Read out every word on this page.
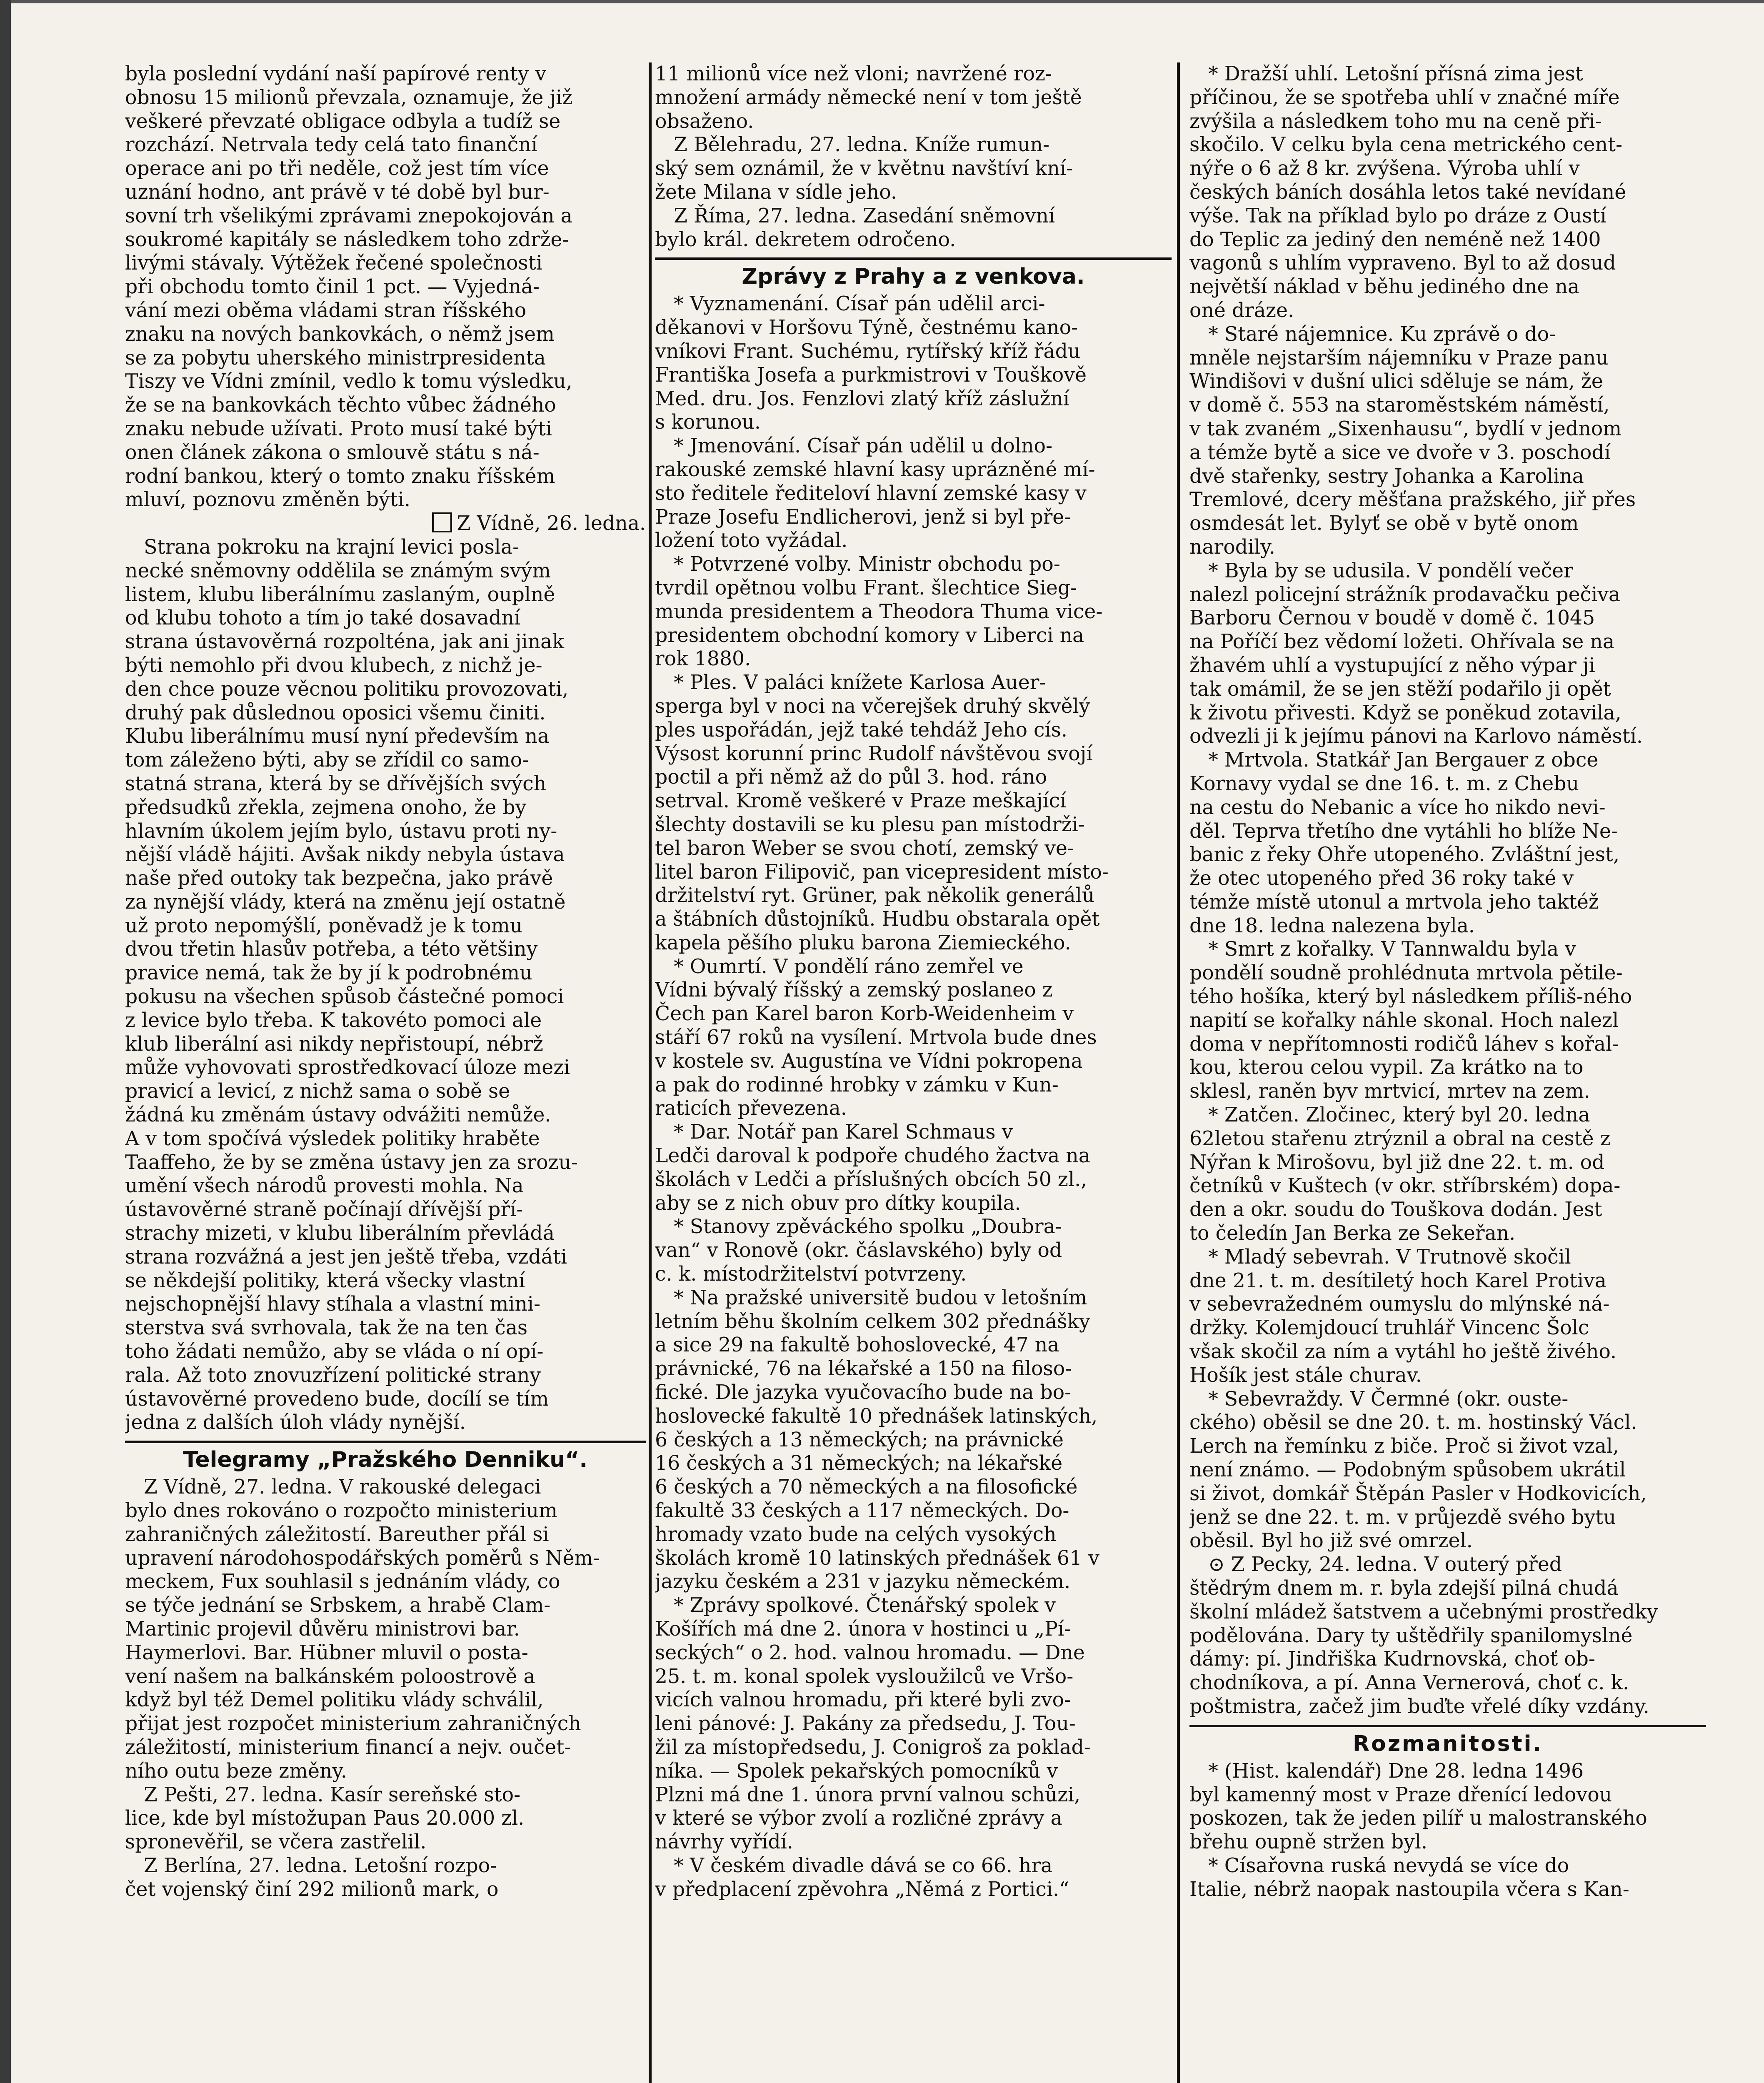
byla poslední vydání naší papírové renty v
obnosu 15 milionů převzala, oznamuje, že již
veškeré převzaté obligace odbyla a tudíž se
rozchází. Netrvala tedy celá tato finanční
operace ani po tři neděle, což jest tím více
uznání hodno, ant právě v té době byl bur-
sovní trh všelikými zprávami znepokojován a
soukromé kapitály se následkem toho zdrže-
livými stávaly. Výtěžek řečené společnosti
při obchodu tomto činil 1 pct. — Vyjedná-
vání mezi oběma vládami stran říšského
znaku na nových bankovkách, o němž jsem
se za pobytu uherského ministrpresidenta
Tiszy ve Vídni zmínil, vedlo k tomu výsledku,
že se na bankovkách těchto vůbec žádného
znaku nebude užívati. Proto musí také býti
onen článek zákona o smlouvě státu s ná-
rodní bankou, který o tomto znaku říšském
mluví, poznovu změněn býti.
Z Vídně, 26. ledna.
Strana pokroku na krajní levici posla-
necké sněmovny oddělila se známým svým
listem, klubu liberálnímu zaslaným, ouplně
od klubu tohoto a tím jo také dosavadní
strana ústavověrná rozpolténa, jak ani jinak
býti nemohlo při dvou klubech, z nichž je-
den chce pouze věcnou politiku provozovati,
druhý pak důslednou oposici všemu činiti.
Klubu liberálnímu musí nyní především na
tom záleženo býti, aby se zřídil co samo-
statná strana, která by se dřívějších svých
předsudků zřekla, zejmena onoho, že by
hlavním úkolem jejím bylo, ústavu proti ny-
nější vládě hájiti. Avšak nikdy nebyla ústava
naše před outoky tak bezpečna, jako právě
za nynější vlády, která na změnu její ostatně
už proto nepomýšlí, poněvadž je k tomu
dvou třetin hlasův potřeba, a této většiny
pravice nemá, tak že by jí k podrobnému
pokusu na všechen spůsob částečné pomoci
z levice bylo třeba. K takovéto pomoci ale
klub liberální asi nikdy nepřistoupí, nébrž
může vyhovovati sprostředkovací úloze mezi
pravicí a levicí, z nichž sama o sobě se
žádná ku změnám ústavy odvážiti nemůže.
A v tom spočívá výsledek politiky hraběte
Taaffeho, že by se změna ústavy jen za srozu-
umění všech národů provesti mohla. Na
ústavověrné straně počínají dřívější pří-
strachy mizeti, v klubu liberálním převládá
strana rozvážná a jest jen ještě třeba, vzdáti
se někdejší politiky, která všecky vlastní
nejschopnější hlavy stíhala a vlastní mini-
sterstva svá svrhovala, tak že na ten čas
toho žádati nemůžo, aby se vláda o ní opí-
rala. Až toto znovuzřízení politické strany
ústavověrné provedeno bude, docílí se tím
jedna z dalších úloh vlády nynější.
Telegramy „Pražského Denniku“.
Z Vídně, 27. ledna. V rakouské delegaci
bylo dnes rokováno o rozpočto ministerium
zahraničných záležitostí. Bareuther přál si
upravení národohospodářských poměrů s Něm-
meckem, Fux souhlasil s jednáním vlády, co
se týče jednání se Srbskem, a hrabě Clam-
Martinic projevil důvěru ministrovi bar.
Haymerlovi. Bar. Hübner mluvil o posta-
vení našem na balkánském poloostrově a
když byl též Demel politiku vlády schválil,
přijat jest rozpočet ministerium zahraničných
záležitostí, ministerium financí a nejv. oučet-
ního outu beze změny.
Z Pešti, 27. ledna. Kasír sereňské sto-
lice, kde byl místožupan Paus 20.000 zl.
spronevěřil, se včera zastřelil.
Z Berlína, 27. ledna. Letošní rozpo-
čet vojenský činí 292 milionů mark, o
11 milionů více než vloni; navržené roz-
množení armády německé není v tom ještě
obsaženo.
Z Bělehradu, 27. ledna. Kníže rumun-
ský sem oznámil, že v květnu navštíví kní-
žete Milana v sídle jeho.
Z Říma, 27. ledna. Zasedání sněmovní
bylo král. dekretem odročeno.
Zprávy z Prahy a z venkova.
* Vyznamenání. Císař pán udělil arci-
děkanovi v Horšovu Týně, čestnému kano-
vníkovi Frant. Suchému, rytířský kříž řádu
Františka Josefa a purkmistrovi v Touškově
Med. dru. Jos. Fenzlovi zlatý kříž záslužní
s korunou.
* Jmenování. Císař pán udělil u dolno-
rakouské zemské hlavní kasy uprázněné mí-
sto ředitele řediteloví hlavní zemské kasy v
Praze Josefu Endlicherovi, jenž si byl pře-
ložení toto vyžádal.
* Potvrzené volby. Ministr obchodu po-
tvrdil opětnou volbu Frant. šlechtice Sieg-
munda presidentem a Theodora Thuma vice-
presidentem obchodní komory v Liberci na
rok 1880.
* Ples. V paláci knížete Karlosa Auer-
sperga byl v noci na včerejšek druhý skvělý
ples uspořádán, jejž také tehdáž Jeho cís.
Výsost korunní princ Rudolf návštěvou svojí
poctil a při němž až do půl 3. hod. ráno
setrval. Kromě veškeré v Praze meškající
šlechty dostavili se ku plesu pan místodrži-
tel baron Weber se svou chotí, zemský ve-
litel baron Filipovič, pan vicepresident místo-
držitelství ryt. Grüner, pak několik generálů
a štábních důstojníků. Hudbu obstarala opět
kapela pěšího pluku barona Ziemieckého.
* Oumrtí. V pondělí ráno zemřel ve
Vídni bývalý říšský a zemský poslaneo z
Čech pan Karel baron Korb-Weidenheim v
stáří 67 roků na vysílení. Mrtvola bude dnes
v kostele sv. Augustína ve Vídni pokropena
a pak do rodinné hrobky v zámku v Kun-
raticích převezena.
* Dar. Notář pan Karel Schmaus v
Ledči daroval k podpoře chudého žactva na
školách v Ledči a příslušných obcích 50 zl.,
aby se z nich obuv pro dítky koupila.
* Stanovy zpěváckého spolku „Doubra-
van“ v Ronově (okr. čáslavského) byly od
c. k. místodržitelství potvrzeny.
* Na pražské universitě budou v letošním
letním běhu školním celkem 302 přednášky
a sice 29 na fakultě bohoslovecké, 47 na
právnické, 76 na lékařské a 150 na filoso-
fické. Dle jazyka vyučovacího bude na bo-
hoslovecké fakultě 10 přednášek latinských,
6 českých a 13 německých; na právnické
16 českých a 31 německých; na lékařské
6 českých a 70 německých a na filosofické
fakultě 33 českých a 117 německých. Do-
hromady vzato bude na celých vysokých
školách kromě 10 latinských přednášek 61 v
jazyku českém a 231 v jazyku německém.
* Zprávy spolkové. Čtenářský spolek v
Košířích má dne 2. února v hostinci u „Pí-
seckých“ o 2. hod. valnou hromadu. — Dne
25. t. m. konal spolek vysloužilců ve Vršo-
vicích valnou hromadu, při které byli zvo-
leni pánové: J. Pakány za předsedu, J. Tou-
žil za místopředsedu, J. Conigroš za poklad-
níka. — Spolek pekařských pomocníků v
Plzni má dne 1. února první valnou schůzi,
v které se výbor zvolí a rozličné zprávy a
návrhy vyřídí.
* V českém divadle dává se co 66. hra
v předplacení zpěvohra „Němá z Portici.“
* Dražší uhlí. Letošní přísná zima jest
příčinou, že se spotřeba uhlí v značné míře
zvýšila a následkem toho mu na ceně při-
skočilo. V celku byla cena metrického cent-
nýře o 6 až 8 kr. zvýšena. Výroba uhlí v
českých báních dosáhla letos také nevídané
výše. Tak na příklad bylo po dráze z Oustí
do Teplic za jediný den neméně než 1400
vagonů s uhlím vypraveno. Byl to až dosud
největší náklad v běhu jediného dne na
oné dráze.
* Staré nájemnice. Ku zprávě o do-
mněle nejstarším nájemníku v Praze panu
Windišovi v dušní ulici sděluje se nám, že
v domě č. 553 na staroměstském náměstí,
v tak zvaném „Sixenhausu“, bydlí v jednom
a témže bytě a sice ve dvoře v 3. poschodí
dvě stařenky, sestry Johanka a Karolina
Tremlové, dcery měšťana pražského, jiř přes
osmdesát let. Bylyť se obě v bytě onom
narodily.
* Byla by se udusila. V pondělí večer
nalezl policejní strážník prodavačku pečiva
Barboru Černou v boudě v domě č. 1045
na Poříčí bez vědomí ložeti. Ohřívala se na
žhavém uhlí a vystupující z něho výpar ji
tak omámil, že se jen stěží podařilo ji opět
k životu přivesti. Když se poněkud zotavila,
odvezli ji k jejímu pánovi na Karlovo náměstí.
* Mrtvola. Statkář Jan Bergauer z obce
Kornavy vydal se dne 16. t. m. z Chebu
na cestu do Nebanic a více ho nikdo nevi-
děl. Teprva třetího dne vytáhli ho blíže Ne-
banic z řeky Ohře utopeného. Zvláštní jest,
že otec utopeného před 36 roky také v
témže místě utonul a mrtvola jeho taktéž
dne 18. ledna nalezena byla.
* Smrt z kořalky. V Tannwaldu byla v
pondělí soudně prohlédnuta mrtvola pětile-
tého hošíka, který byl následkem příliš-ného
napití se kořalky náhle skonal. Hoch nalezl
doma v nepřítomnosti rodičů láhev s kořal-
kou, kterou celou vypil. Za krátko na to
sklesl, raněn byv mrtvicí, mrtev na zem.
* Zatčen. Zločinec, který byl 20. ledna
62letou stařenu ztrýznil a obral na cestě z
Nýřan k Mirošovu, byl již dne 22. t. m. od
četníků v Kuštech (v okr. stříbrském) dopa-
den a okr. soudu do Touškova dodán. Jest
to čeledín Jan Berka ze Sekeřan.
* Mladý sebevrah. V Trutnově skočil
dne 21. t. m. desítiletý hoch Karel Protiva
v sebevražedném oumyslu do mlýnské ná-
držky. Kolemjdoucí truhlář Vincenc Šolc
však skočil za ním a vytáhl ho ještě živého.
Hošík jest stále churav.
* Sebevraždy. V Čermné (okr. ouste-
ckého) oběsil se dne 20. t. m. hostinský Václ.
Lerch na řemínku z biče. Proč si život vzal,
není známo. — Podobným spůsobem ukrátil
si život, domkář Štěpán Pasler v Hodkovicích,
jenž se dne 22. t. m. v průjezdě svého bytu
oběsil. Byl ho již své omrzel.
⊙ Z Pecky, 24. ledna. V outerý před
štědrým dnem m. r. byla zdejší pilná chudá
školní mládež šatstvem a učebnými prostředky
podělována. Dary ty uštědřily spanilomyslné
dámy: pí. Jindřiška Kudrnovská, choť ob-
chodníkova, a pí. Anna Vernerová, choť c. k.
poštmistra, začež jim buďte vřelé díky vzdány.
Rozmanitosti.
* (Hist. kalendář) Dne 28. ledna 1496
byl kamenný most v Praze dřenící ledovou
poskozen, tak že jeden pilíř u malostranského
břehu oupně stržen byl.
* Císařovna ruská nevydá se více do
Italie, nébrž naopak nastoupila včera s Kan-
